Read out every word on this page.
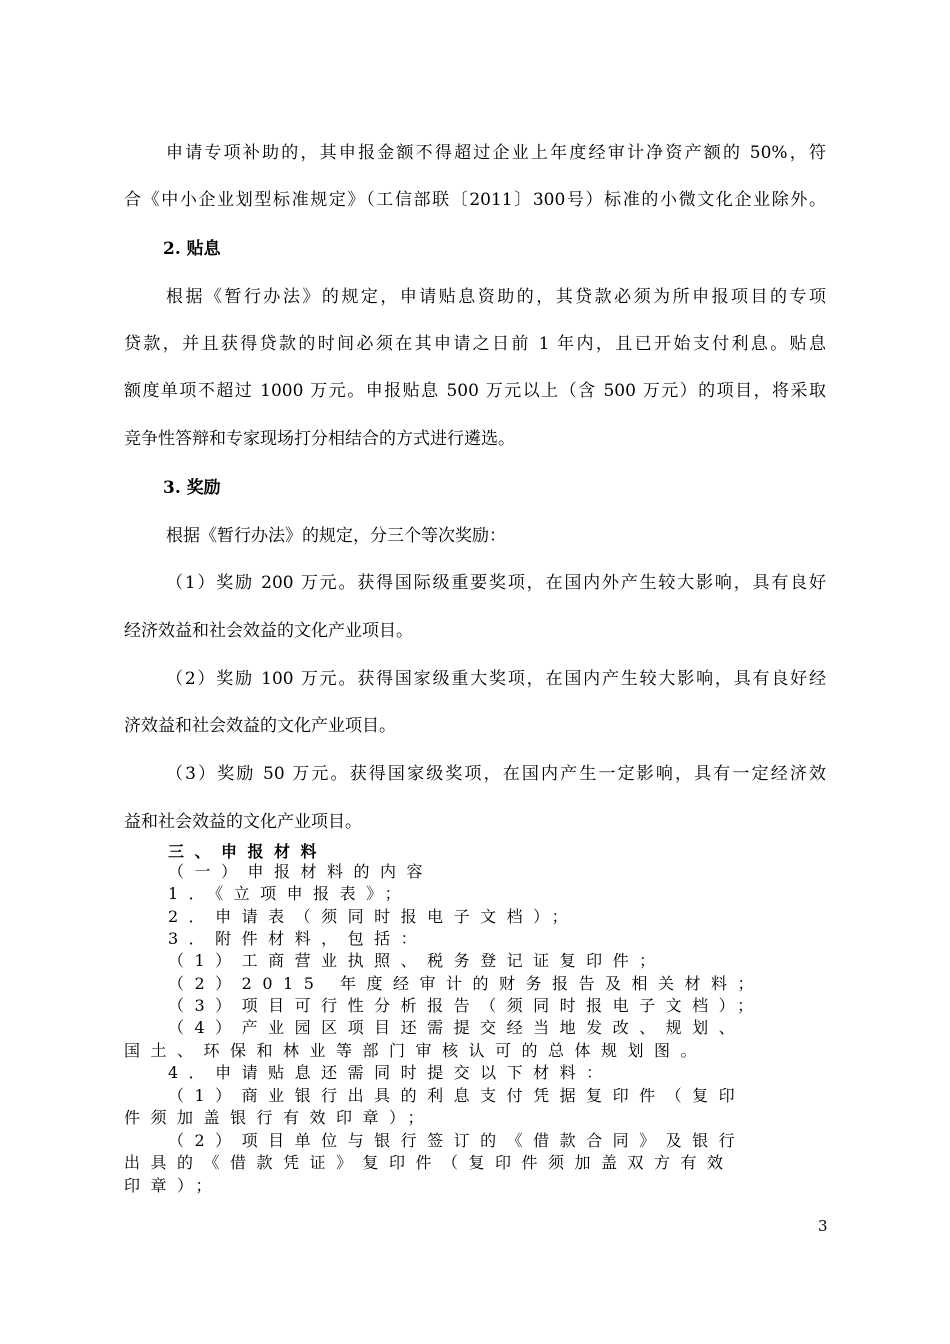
申请专项补助的，其申报金额不得超过企业上年度经审计净资产额的 50%，符
合《中小企业划型标准规定》（工信部联〔2011〕300号）标准的小微文化企业除外。
2. 贴息
根据《暂行办法》的规定，申请贴息资助的，其贷款必须为所申报项目的专项
贷款，并且获得贷款的时间必须在其申请之日前 1 年内，且已开始支付利息。贴息
额度单项不超过 1000 万元。申报贴息 500 万元以上（含 500 万元）的项目，将采取
竞争性答辩和专家现场打分相结合的方式进行遴选。
3. 奖励
根据《暂行办法》的规定，分三个等次奖励：
（1）奖励 200 万元。获得国际级重要奖项，在国内外产生较大影响，具有良好
经济效益和社会效益的文化产业项目。
（2）奖励 100 万元。获得国家级重大奖项，在国内产生较大影响，具有良好经
济效益和社会效益的文化产业项目。
（3）奖励 50 万元。获得国家级奖项，在国内产生一定影响，具有一定经济效
益和社会效益的文化产业项目。
三、申报材料
（一）申报材料的内容
1．《立项申报表》；
2．申请表（须同时报电子文档）；
3．附件材料，包括：
（1）工商营业执照、税务登记证复印件；
（2）2015 年度经审计的财务报告及相关材料；
（3）项目可行性分析报告（须同时报电子文档）；
（4）产业园区项目还需提交经当地发改、规划、
国土、环保和林业等部门审核认可的总体规划图。
4．申请贴息还需同时提交以下材料：
（1）商业银行出具的利息支付凭据复印件（复印
件须加盖银行有效印章）；
（2）项目单位与银行签订的《借款合同》及银行
出具的《借款凭证》复印件（复印件须加盖双方有效
印章）；
3
